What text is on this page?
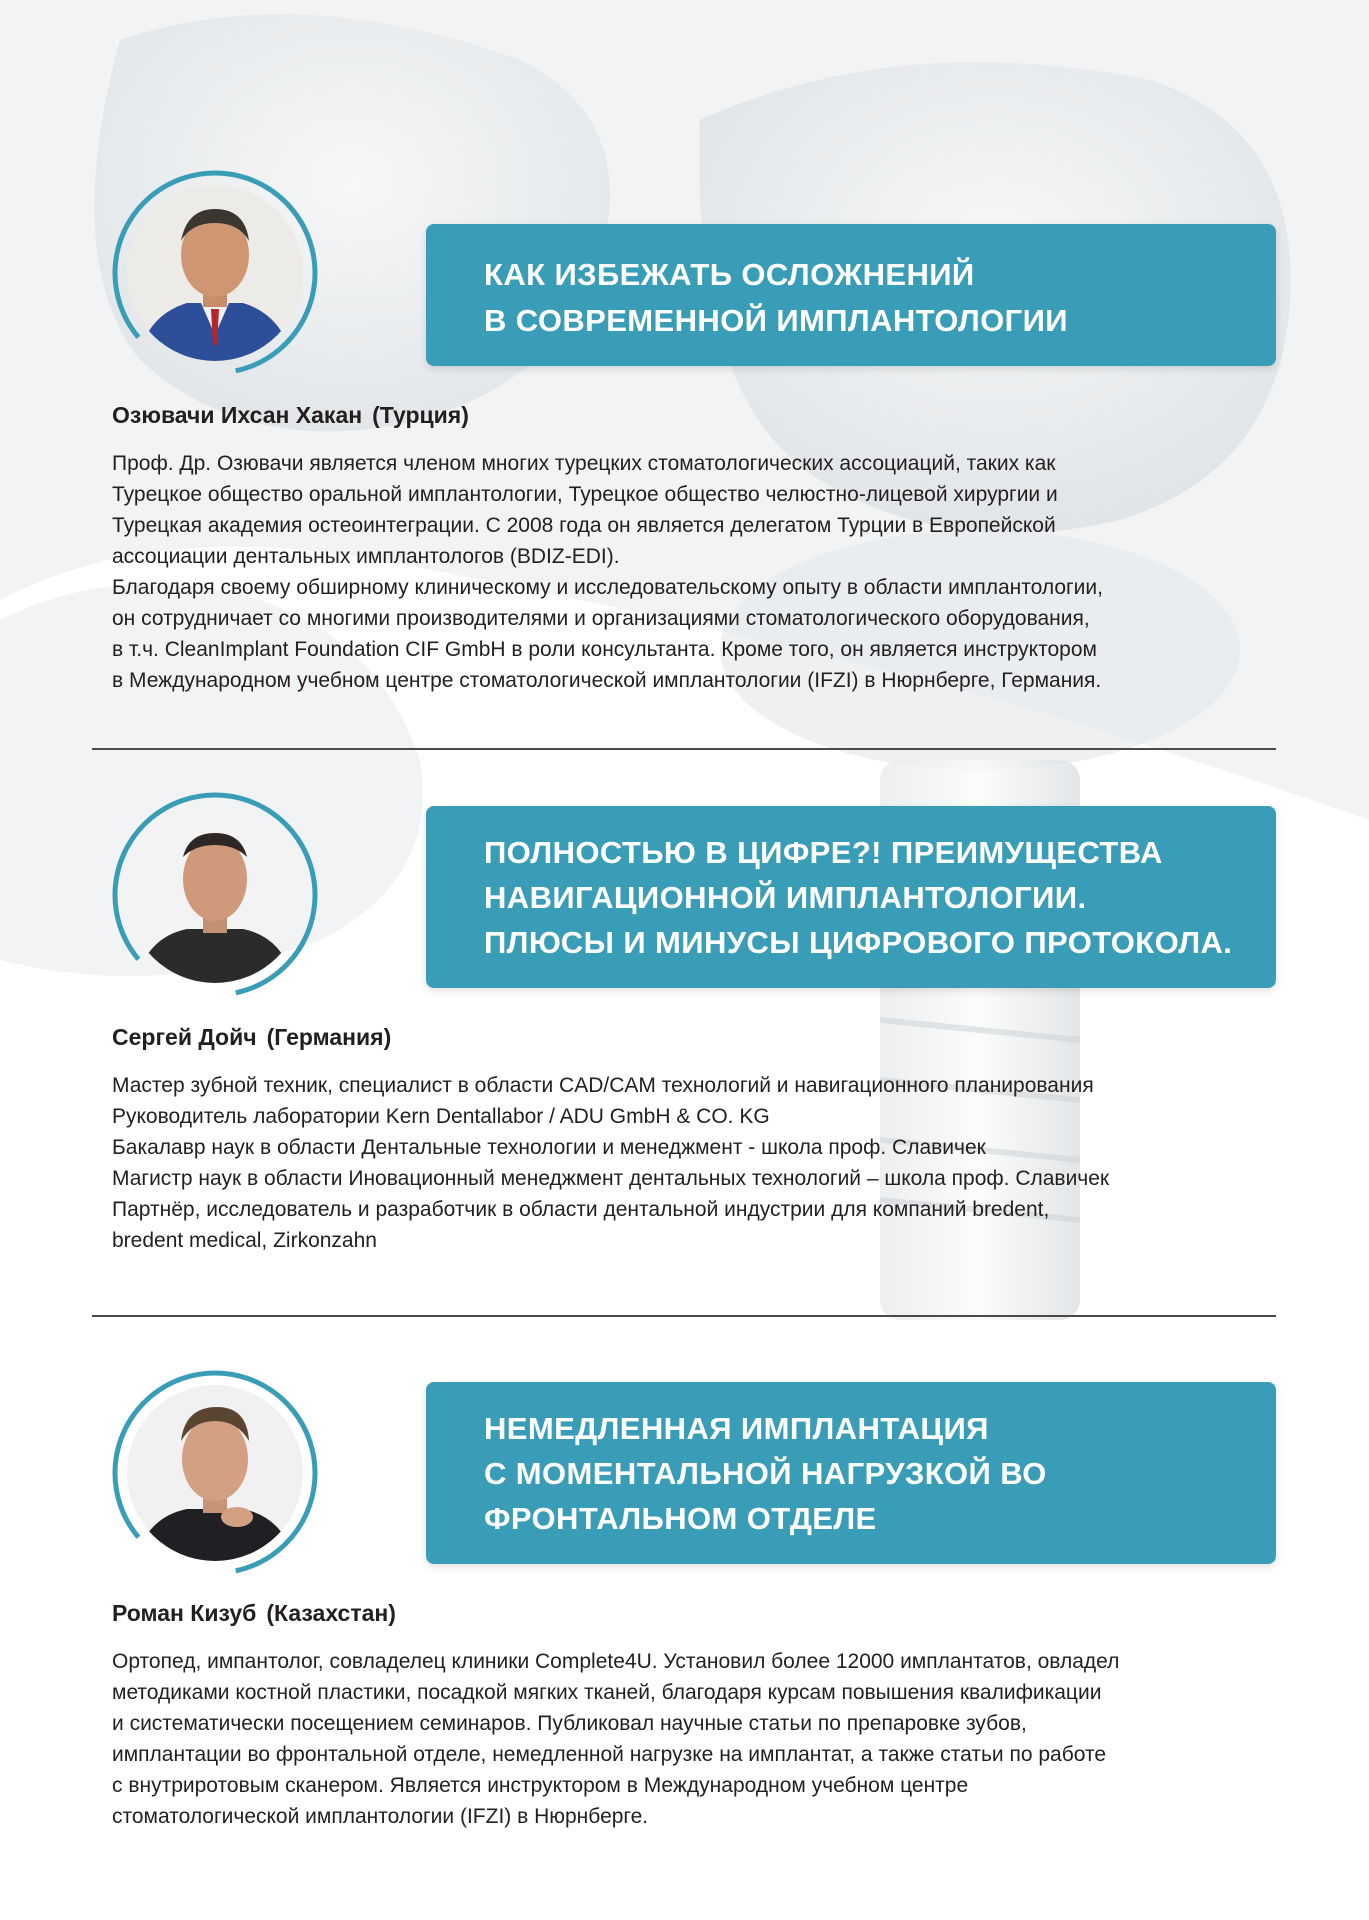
КАК ИЗБЕЖАТЬ ОСЛОЖНЕНИЙ
В СОВРЕМЕННОЙ ИМПЛАНТОЛОГИИ
Озювачи Ихсан Хакан (Турция)
Проф. Др. Озювачи является членом многих турецких стоматологических ассоциаций, таких как
Турецкое общество оральной имплантологии, Турецкое общество челюстно-лицевой хирургии и
Турецкая академия остеоинтеграции. С 2008 года он является делегатом Турции в Европейской
ассоциации дентальных имплантологов (BDIZ-EDI).
Благодаря своему обширному клиническому и исследовательскому опыту в области имплантологии,
он сотрудничает со многими производителями и организациями стоматологического оборудования,
в т.ч. CleanImplant Foundation CIF GmbH в роли консультанта. Кроме того, он является инструктором
в Международном учебном центре стоматологической имплантологии (IFZI) в Нюрнберге, Германия.
ПОЛНОСТЬЮ В ЦИФРЕ?! ПРЕИМУЩЕСТВА
НАВИГАЦИОННОЙ ИМПЛАНТОЛОГИИ.
ПЛЮСЫ И МИНУСЫ ЦИФРОВОГО ПРОТОКОЛА.
Сергей Дойч (Германия)
Мастер зубной техник, специалист в области CAD/CAM технологий и навигационного планирования
Руководитель лаборатории Kern Dentallabor / ADU GmbH & CO. KG
Бакалавр наук в области Дентальные технологии и менеджмент - школа проф. Славичек
Магистр наук в области Иновационный менеджмент дентальных технологий – школа проф. Славичек
Партнёр, исследователь и разработчик в области дентальной индустрии для компаний bredent,
bredent medical, Zirkonzahn
НЕМЕДЛЕННАЯ ИМПЛАНТАЦИЯ
С МОМЕНТАЛЬНОЙ НАГРУЗКОЙ ВО
ФРОНТАЛЬНОМ ОТДЕЛЕ
Роман Кизуб (Казахстан)
Ортопед, импантолог, совладелец клиники Complete4U. Установил более 12000 имплантатов, овладел
методиками костной пластики, посадкой мягких тканей, благодаря курсам повышения квалификации
и систематически посещением семинаров. Публиковал научные статьи по препаровке зубов,
имплантации во фронтальной отделе, немедленной нагрузке на имплантат, а также статьи по работе
с внутриротовым сканером. Является инструктором в Международном учебном центре
стоматологической имплантологии (IFZI) в Нюрнберге.
